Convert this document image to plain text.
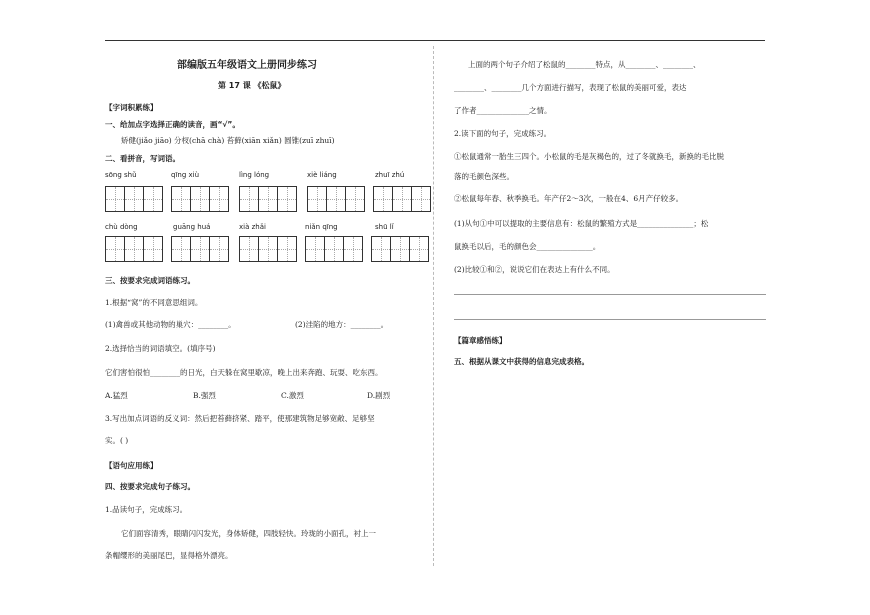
部编版五年级语文上册同步练习
第 17 课 《松鼠》
【字词积累练】
一、给加点字选择正确的读音，画“√”。
矫健(jiǎo jiāo) 分杈(chā chà) 苔藓(xiān xiǎn) 圆锥(zuī zhuī)
二、看拼音，写词语。
sōng shǔ	qīng xiù	lìng lóng	xiè liáng	zhuī zhú
chù dòng	guāng huá	xià zhǎi	niǎn qīng	shū lǐ
三、按要求完成词语练习。
1.根据“窝”的不同意思组词。
(1)禽兽或其他动物的巢穴：________。	(2)洼陷的地方：________。
2.选择恰当的词语填空。(填序号)
它们害怕很怕________的日光，白天躲在窝里歇凉，晚上出来奔跑、玩耍、吃东西。
A.猛烈	B.强烈	C.激烈	D.剧烈
3.写出加点词语的反义词：然后把苔藓挤紧、踏平，使那建筑物足够宽敞、足够坚
实。( )
【语句应用练】
四、按要求完成句子练习。
1.品读句子，完成练习。
它们面容清秀，眼睛闪闪发光，身体矫健，四肢轻快。玲珑的小面孔，衬上一
条帽缨形的美丽尾巴，显得格外漂亮。
上面的两个句子介绍了松鼠的________特点，从________、________、
________、________几个方面进行描写，表现了松鼠的美丽可爱，表达
了作者______________之情。
2.读下面的句子，完成练习。
①松鼠通常一胎生三四个。小松鼠的毛是灰褐色的，过了冬就换毛，新换的毛比脱
落的毛颜色深些。
②松鼠每年春、秋季换毛。年产仔2～3次，一般在4、6月产仔较多。
(1)从句①中可以提取的主要信息有：松鼠的繁殖方式是_______________；松
鼠换毛以后，毛的颜色会_______________。
(2)比较①和②，说说它们在表达上有什么不同。
【篇章感悟练】
五、根据从课文中获得的信息完成表格。
